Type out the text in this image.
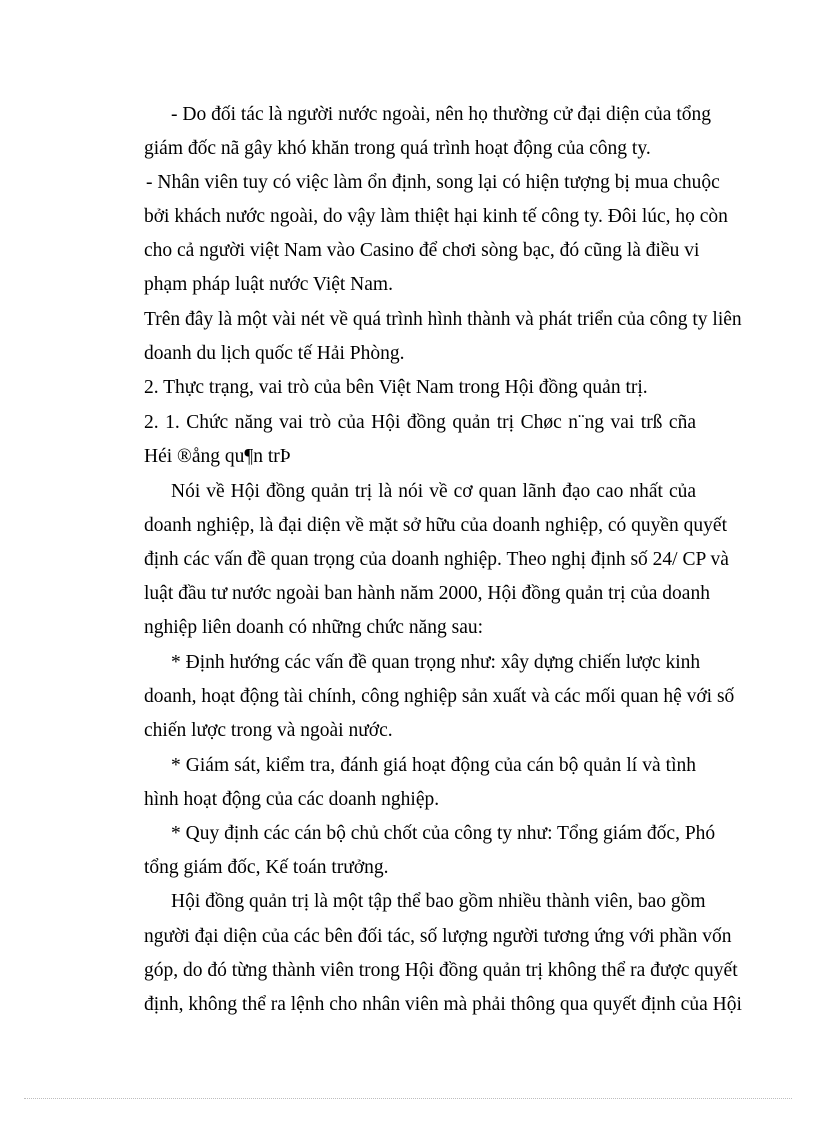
- Do đối tác là người nước ngoài, nên họ thường cử đại diện của tổng
giám đốc nã gây khó khăn trong quá trình hoạt động của công ty.
- Nhân viên tuy có việc làm ổn định, song lại có hiện tượng bị mua chuộc
bởi khách nước ngoài, do vậy làm thiệt hại kinh tế công ty. Đôi lúc, họ còn
cho cả người việt Nam vào Casino để chơi sòng bạc, đó cũng là điều vi
phạm pháp luật nước Việt Nam.
Trên đây là một vài nét về quá trình hình thành và phát triển của công ty liên
doanh du lịch quốc tế Hải Phòng.
2. Thực trạng, vai trò của bên Việt Nam trong Hội đồng quản trị.
2. 1. Chức năng vai trò của Hội đồng quản trị Chøc n¨ng vai trß cña
Héi ®ång qu¶n trÞ
Nói về Hội đồng quản trị là nói về cơ quan lãnh đạo cao nhất của
doanh nghiệp, là đại diện về mặt sở hữu của doanh nghiệp, có quyền quyết
định các vấn đề quan trọng của doanh nghiệp. Theo nghị định số 24/ CP và
luật đầu tư nước ngoài ban hành năm 2000, Hội đồng quản trị của doanh
nghiệp liên doanh có những chức năng sau:
* Định hướng các vấn đề quan trọng như: xây dựng chiến lược kinh
doanh, hoạt động tài chính, công nghiệp sản xuất và các mối quan hệ với số
chiến lược trong và ngoài nước.
* Giám sát, kiểm tra, đánh giá hoạt động của cán bộ quản lí và tình
hình hoạt động của các doanh nghiệp.
* Quy định các cán bộ chủ chốt của công ty như: Tổng giám đốc, Phó
tổng giám đốc, Kế toán trưởng.
Hội đồng quản trị là một tập thể bao gồm nhiều thành viên, bao gồm
người đại diện của các bên đối tác, số lượng người tương ứng với phần vốn
góp, do đó từng thành viên trong Hội đồng quản trị không thể ra được quyết
định, không thể ra lệnh cho nhân viên mà phải thông qua quyết định của Hội
